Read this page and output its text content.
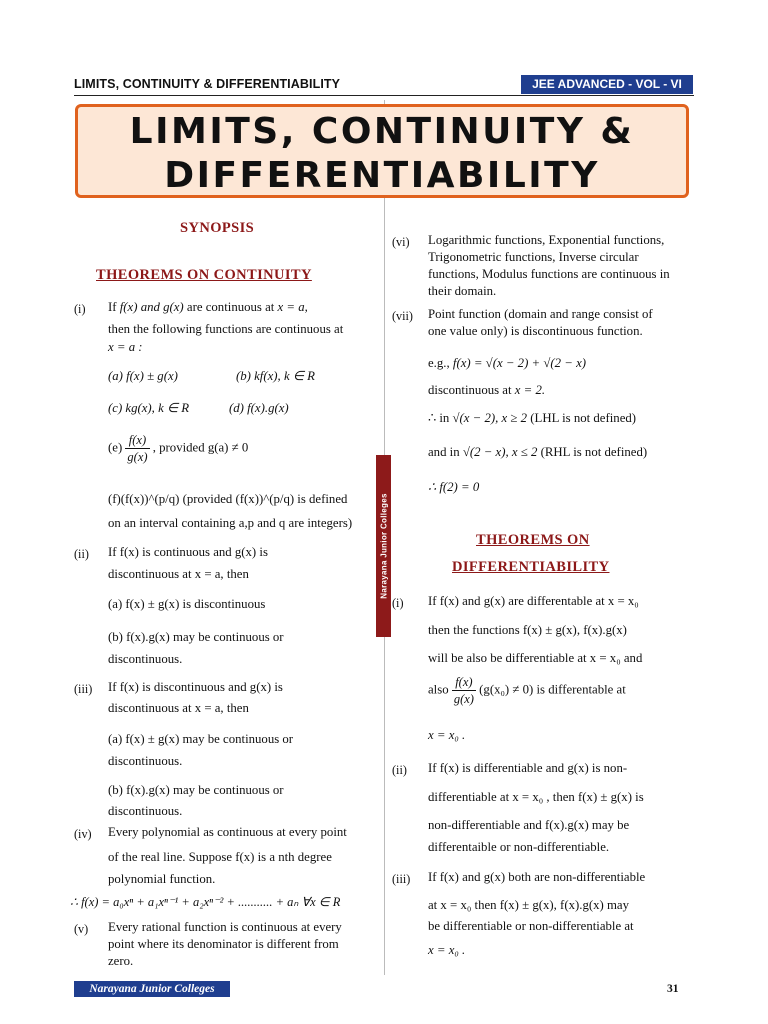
LIMITS, CONTINUITY & DIFFERENTIABILITY	JEE ADVANCED - VOL - VI
LIMITS, CONTINUITY &
DIFFERENTIABILITY
Narayana Junior Colleges
SYNOPSIS
THEOREMS ON CONTINUITY
(i) If f(x) and g(x) are continuous at x = a,
then the following functions are continuous at
x = a :
(a) f(x) ± g(x)	(b) kf(x), k ∈ R
(c) kg(x), k ∈ R	(d) f(x).g(x)
$(e) \frac{f(x)}{g(x)}$ , provided g(a) ≠ 0
(f)(f(x))^(p/q) (provided (f(x))^(p/q) is defined
on an interval containing a,p and q are integers)
(ii) If f(x) is continuous and g(x) is
discontinuous at x = a, then
(a) f(x) ± g(x) is discontinuous
(b) f(x).g(x) may be continuous or
discontinuous.
(iii) If f(x) is discontinuous and g(x) is
discontinuous at x = a, then
(a) f(x) ± g(x) may be continuous or
discontinuous.
(b) f(x).g(x) may be continuous or
discontinuous.
(iv) Every polynomial as continuous at every point
of the real line. Suppose f(x) is a nth degree
polynomial function.
∴ f(x) = a₀xⁿ + a₁xⁿ⁻¹ + a₂xⁿ⁻² + ........... + aₙ ∀x ∈ R
(v) Every rational function is continuous at every
point where its denominator is different from
zero.
(vi) Logarithmic functions, Exponential functions,
Trigonometric functions, Inverse circular
functions, Modulus functions are continuous in
their domain.
(vii) Point function (domain and range consist of
one value only) is discontinuous function.
e.g., f(x) = √(x − 2) + √(2 − x)
discontinuous at x = 2.
∴ in √(x − 2), x ≥ 2 (LHL is not defined)
and in √(2 − x), x ≤ 2 (RHL is not defined)
∴ f(2) = 0
THEOREMS ON
DIFFERENTIABILITY
(i) If f(x) and g(x) are differentable at x = x₀
then the functions f(x) ± g(x), f(x).g(x)
will be also be differentiable at x = x₀ and
also $\frac{f(x)}{g(x)} (g(x_0) \ne 0)$ is differentable at
x = x₀ .
(ii) If f(x) is differentiable and g(x) is non-
differentiable at x = x₀ , then f(x) ± g(x) is
non-differentiable and f(x).g(x) may be
differentaible or non-differentiable.
(iii) If f(x) and g(x) both are non-differentiable
at x = x₀ then f(x) ± g(x), f(x).g(x) may
be differentiable or non-differentiable at
x = x₀ .
Narayana Junior Colleges	31
